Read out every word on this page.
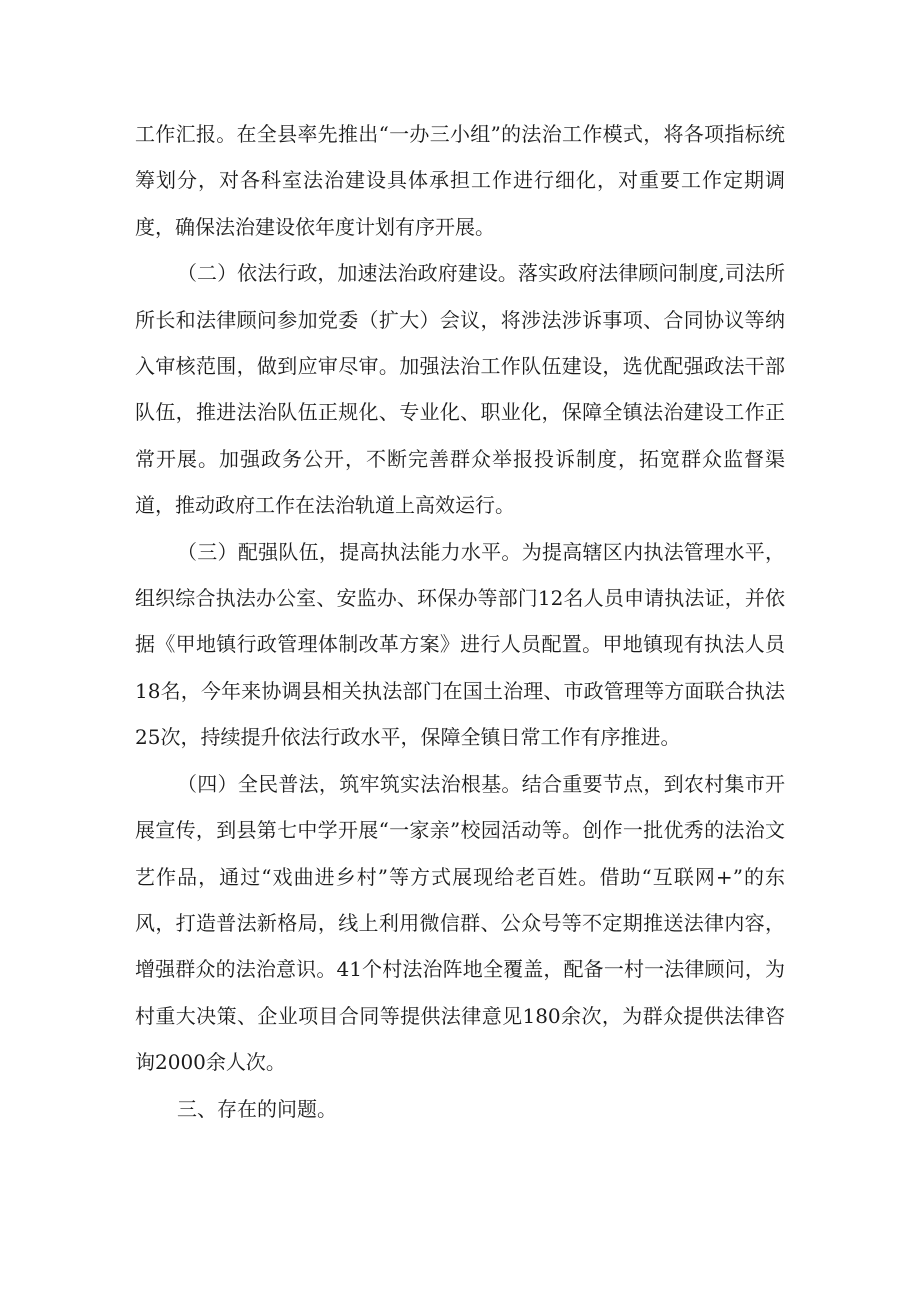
工作汇报。在全县率先推出“一办三小组”的法治工作模式，将各项指标统筹划分，对各科室法治建设具体承担工作进行细化，对重要工作定期调度，确保法治建设依年度计划有序开展。

（二）依法行政，加速法治政府建设。落实政府法律顾问制度,司法所所长和法律顾问参加党委（扩大）会议，将涉法涉诉事项、合同协议等纳入审核范围，做到应审尽审。加强法治工作队伍建设，选优配强政法干部队伍，推进法治队伍正规化、专业化、职业化，保障全镇法治建设工作正常开展。加强政务公开，不断完善群众举报投诉制度，拓宽群众监督渠道，推动政府工作在法治轨道上高效运行。

（三）配强队伍，提高执法能力水平。为提高辖区内执法管理水平，组织综合执法办公室、安监办、环保办等部门12名人员申请执法证，并依据《甲地镇行政管理体制改革方案》进行人员配置。甲地镇现有执法人员18名，今年来协调县相关执法部门在国土治理、市政管理等方面联合执法25次，持续提升依法行政水平，保障全镇日常工作有序推进。

（四）全民普法，筑牢筑实法治根基。结合重要节点，到农村集市开展宣传，到县第七中学开展“一家亲”校园活动等。创作一批优秀的法治文艺作品，通过“戏曲进乡村”等方式展现给老百姓。借助“互联网+”的东风，打造普法新格局，线上利用微信群、公众号等不定期推送法律内容，增强群众的法治意识。41个村法治阵地全覆盖，配备一村一法律顾问，为村重大决策、企业项目合同等提供法律意见180余次，为群众提供法律咨询2000余人次。

三、存在的问题。
